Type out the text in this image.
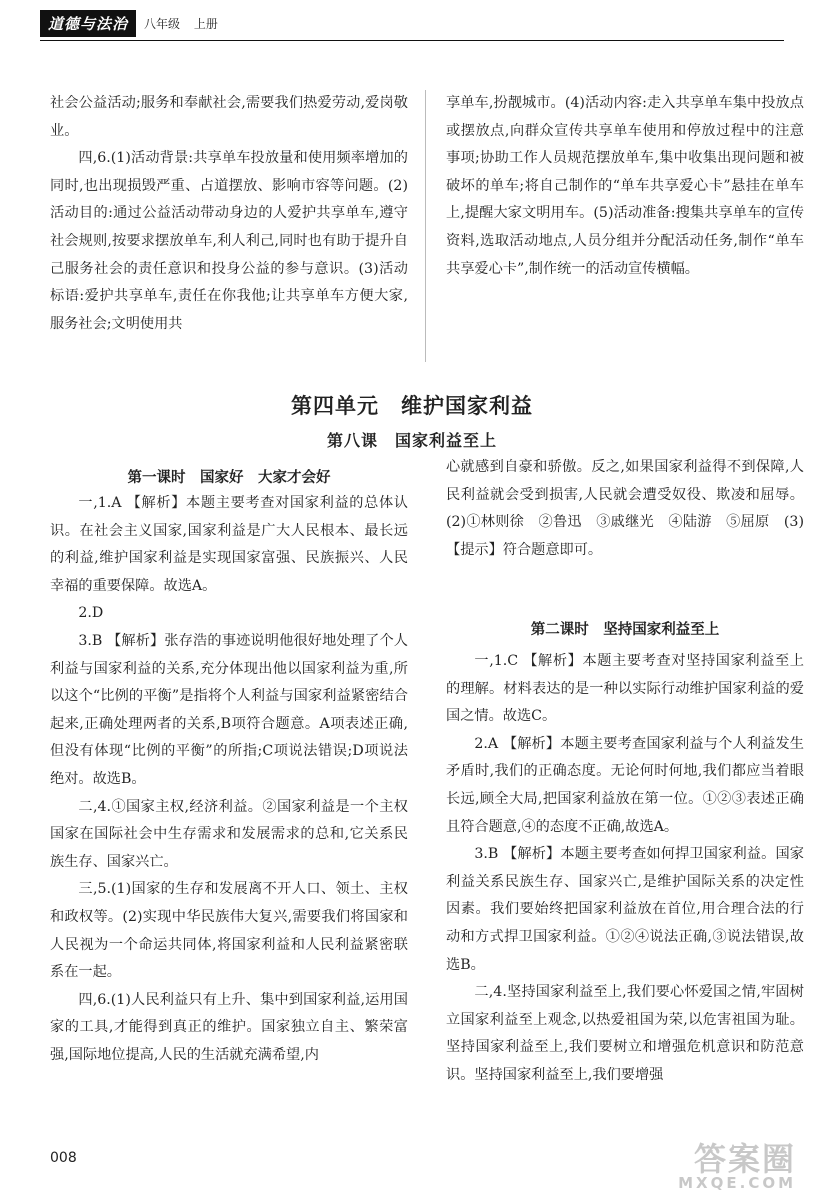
道德与法治	八年级 上册

社会公益活动;服务和奉献社会,需要我们热爱劳动,爱岗敬业。

四,6.(1)活动背景:共享单车投放量和使用频率增加的同时,也出现损毁严重、占道摆放、影响市容等问题。(2)活动目的:通过公益活动带动身边的人爱护共享单车,遵守社会规则,按要求摆放单车,利人利己,同时也有助于提升自己服务社会的责任意识和投身公益的参与意识。(3)活动标语:爱护共享单车,责任在你我他;让共享单车方便大家,服务社会;文明使用共

享单车,扮靓城市。(4)活动内容:走入共享单车集中投放点或摆放点,向群众宣传共享单车使用和停放过程中的注意事项;协助工作人员规范摆放单车,集中收集出现问题和被破坏的单车;将自己制作的“单车共享爱心卡”悬挂在单车上,提醒大家文明用车。(5)活动准备:搜集共享单车的宣传资料,选取活动地点,人员分组并分配活动任务,制作“单车共享爱心卡”,制作统一的活动宣传横幅。

第四单元　维护国家利益
第八课　国家利益至上
第一课时　国家好　大家才会好

一,1.A 【解析】本题主要考查对国家利益的总体认识。在社会主义国家,国家利益是广大人民根本、最长远的利益,维护国家利益是实现国家富强、民族振兴、人民幸福的重要保障。故选A。

2.D

3.B 【解析】张存浩的事迹说明他很好地处理了个人利益与国家利益的关系,充分体现出他以国家利益为重,所以这个“比例的平衡”是指将个人利益与国家利益紧密结合起来,正确处理两者的关系,B项符合题意。A项表述正确,但没有体现“比例的平衡”的所指;C项说法错误;D项说法绝对。故选B。

二,4.①国家主权,经济利益。②国家利益是一个主权国家在国际社会中生存需求和发展需求的总和,它关系民族生存、国家兴亡。

三,5.(1)国家的生存和发展离不开人口、领土、主权和政权等。(2)实现中华民族伟大复兴,需要我们将国家和人民视为一个命运共同体,将国家利益和人民利益紧密联系在一起。

四,6.(1)人民利益只有上升、集中到国家利益,运用国家的工具,才能得到真正的维护。国家独立自主、繁荣富强,国际地位提高,人民的生活就充满希望,内

心就感到自豪和骄傲。反之,如果国家利益得不到保障,人民利益就会受到损害,人民就会遭受奴役、欺凌和屈辱。(2)①林则徐　②鲁迅　③戚继光　④陆游　⑤屈原　(3)【提示】符合题意即可。

第二课时　坚持国家利益至上

一,1.C 【解析】本题主要考查对坚持国家利益至上的理解。材料表达的是一种以实际行动维护国家利益的爱国之情。故选C。

2.A 【解析】本题主要考查国家利益与个人利益发生矛盾时,我们的正确态度。无论何时何地,我们都应当着眼长远,顾全大局,把国家利益放在第一位。①②③表述正确且符合题意,④的态度不正确,故选A。

3.B 【解析】本题主要考查如何捍卫国家利益。国家利益关系民族生存、国家兴亡,是维护国际关系的决定性因素。我们要始终把国家利益放在首位,用合理合法的行动和方式捍卫国家利益。①②④说法正确,③说法错误,故选B。

二,4.坚持国家利益至上,我们要心怀爱国之情,牢固树立国家利益至上观念,以热爱祖国为荣,以危害祖国为耻。坚持国家利益至上,我们要树立和增强危机意识和防范意识。坚持国家利益至上,我们要增强

008	答案圈
MXQE.COM
